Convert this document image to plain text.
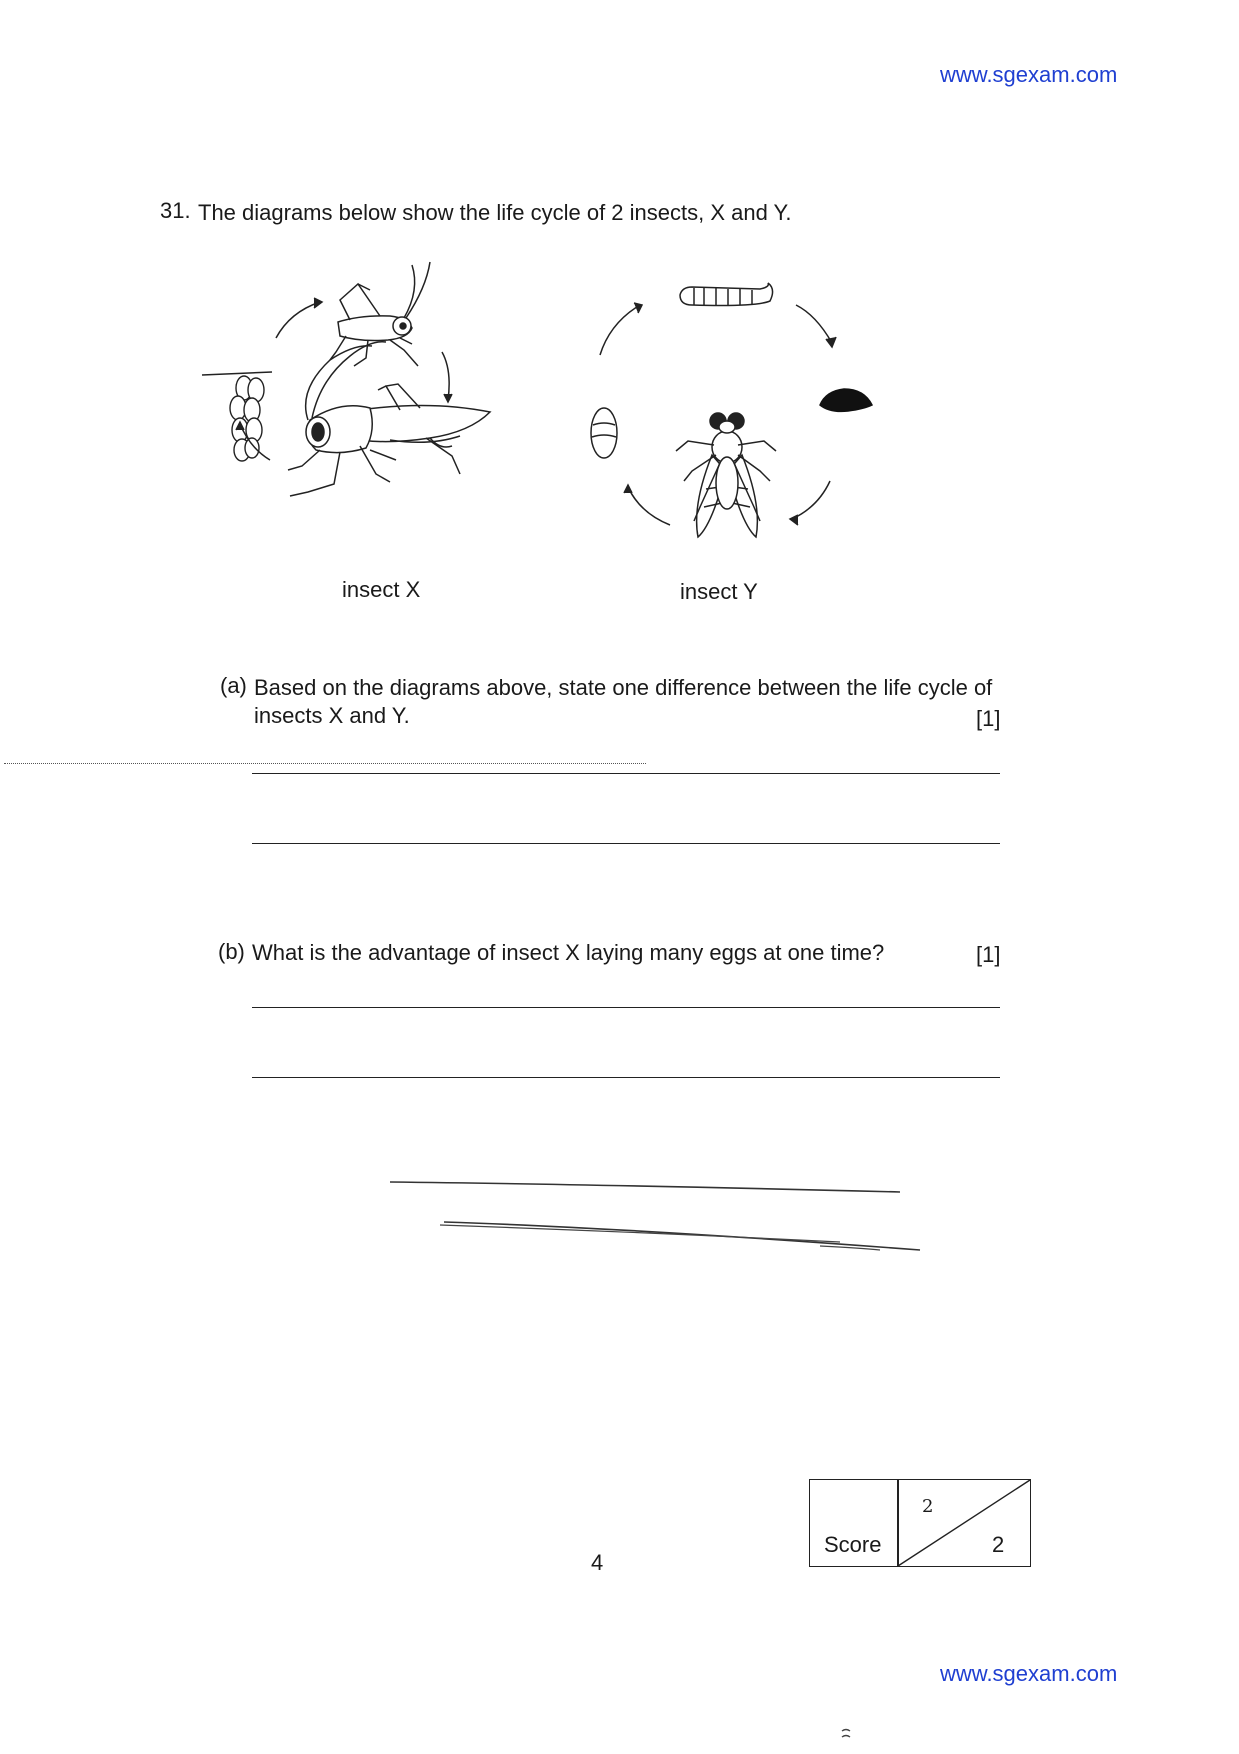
www.sgexam.com
31. The diagrams below show the life cycle of 2 insects, X and Y.
insect X	insect Y
(a) Based on the diagrams above, state one difference between the life cycle of
insects X and Y.	[1]
(b) What is the advantage of insect X laying many eggs at one time?	[1]
4
Score
2
2
www.sgexam.com
